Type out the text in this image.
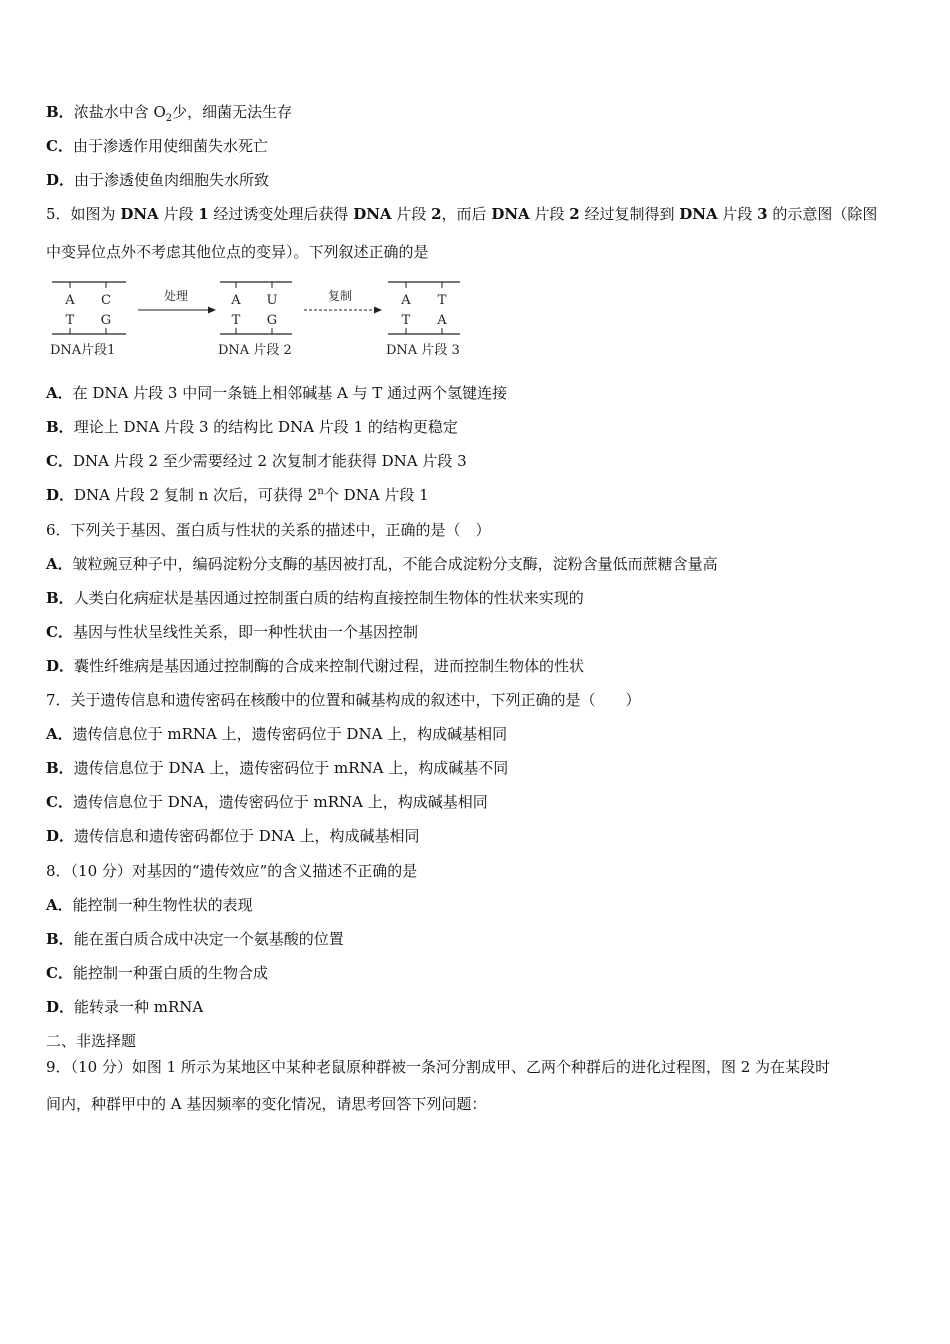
B．浓盐水中含 $O_2$少，细菌无法生存
C．由于渗透作用使细菌失水死亡
D．由于渗透使鱼肉细胞失水所致
5．如图为 DNA 片段 1 经过诱变处理后获得 DNA 片段 2，而后 DNA 片段 2 经过复制得到 DNA 片段 3 的示意图（除图
中变异位点外不考虑其他位点的变异）。下列叙述正确的是
A C
T G
DNA片段1
处理	A U
T G
DNA 片段 2
复制	A T
T A
DNA 片段 3
A．在 DNA 片段 3 中同一条链上相邻碱基 A 与 T 通过两个氢键连接
B．理论上 DNA 片段 3 的结构比 DNA 片段 1 的结构更稳定
C．DNA 片段 2 至少需要经过 2 次复制才能获得 DNA 片段 3
D．DNA 片段 2 复制 n 次后，可获得 2$^n$个 DNA 片段 1
6．下列关于基因、蛋白质与性状的关系的描述中，正确的是（　）
A．皱粒豌豆种子中，编码淀粉分支酶的基因被打乱，不能合成淀粉分支酶，淀粉含量低而蔗糖含量高
B．人类白化病症状是基因通过控制蛋白质的结构直接控制生物体的性状来实现的
C．基因与性状呈线性关系，即一种性状由一个基因控制
D．囊性纤维病是基因通过控制酶的合成来控制代谢过程，进而控制生物体的性状
7．关于遗传信息和遗传密码在核酸中的位置和碱基构成的叙述中，下列正确的是（　　）
A．遗传信息位于 mRNA 上，遗传密码位于 DNA 上，构成碱基相同
B．遗传信息位于 DNA 上，遗传密码位于 mRNA 上，构成碱基不同
C．遗传信息位于 DNA，遗传密码位于 mRNA 上，构成碱基相同
D．遗传信息和遗传密码都位于 DNA 上，构成碱基相同
8．（10 分）对基因的“遗传效应”的含义描述不正确的是
A．能控制一种生物性状的表现
B．能在蛋白质合成中决定一个氨基酸的位置
C．能控制一种蛋白质的生物合成
D．能转录一种 mRNA
二、非选择题
9．（10 分）如图 1 所示为某地区中某种老鼠原种群被一条河分割成甲、乙两个种群后的进化过程图，图 2 为在某段时
间内，种群甲中的 A 基因频率的变化情况，请思考回答下列问题：
